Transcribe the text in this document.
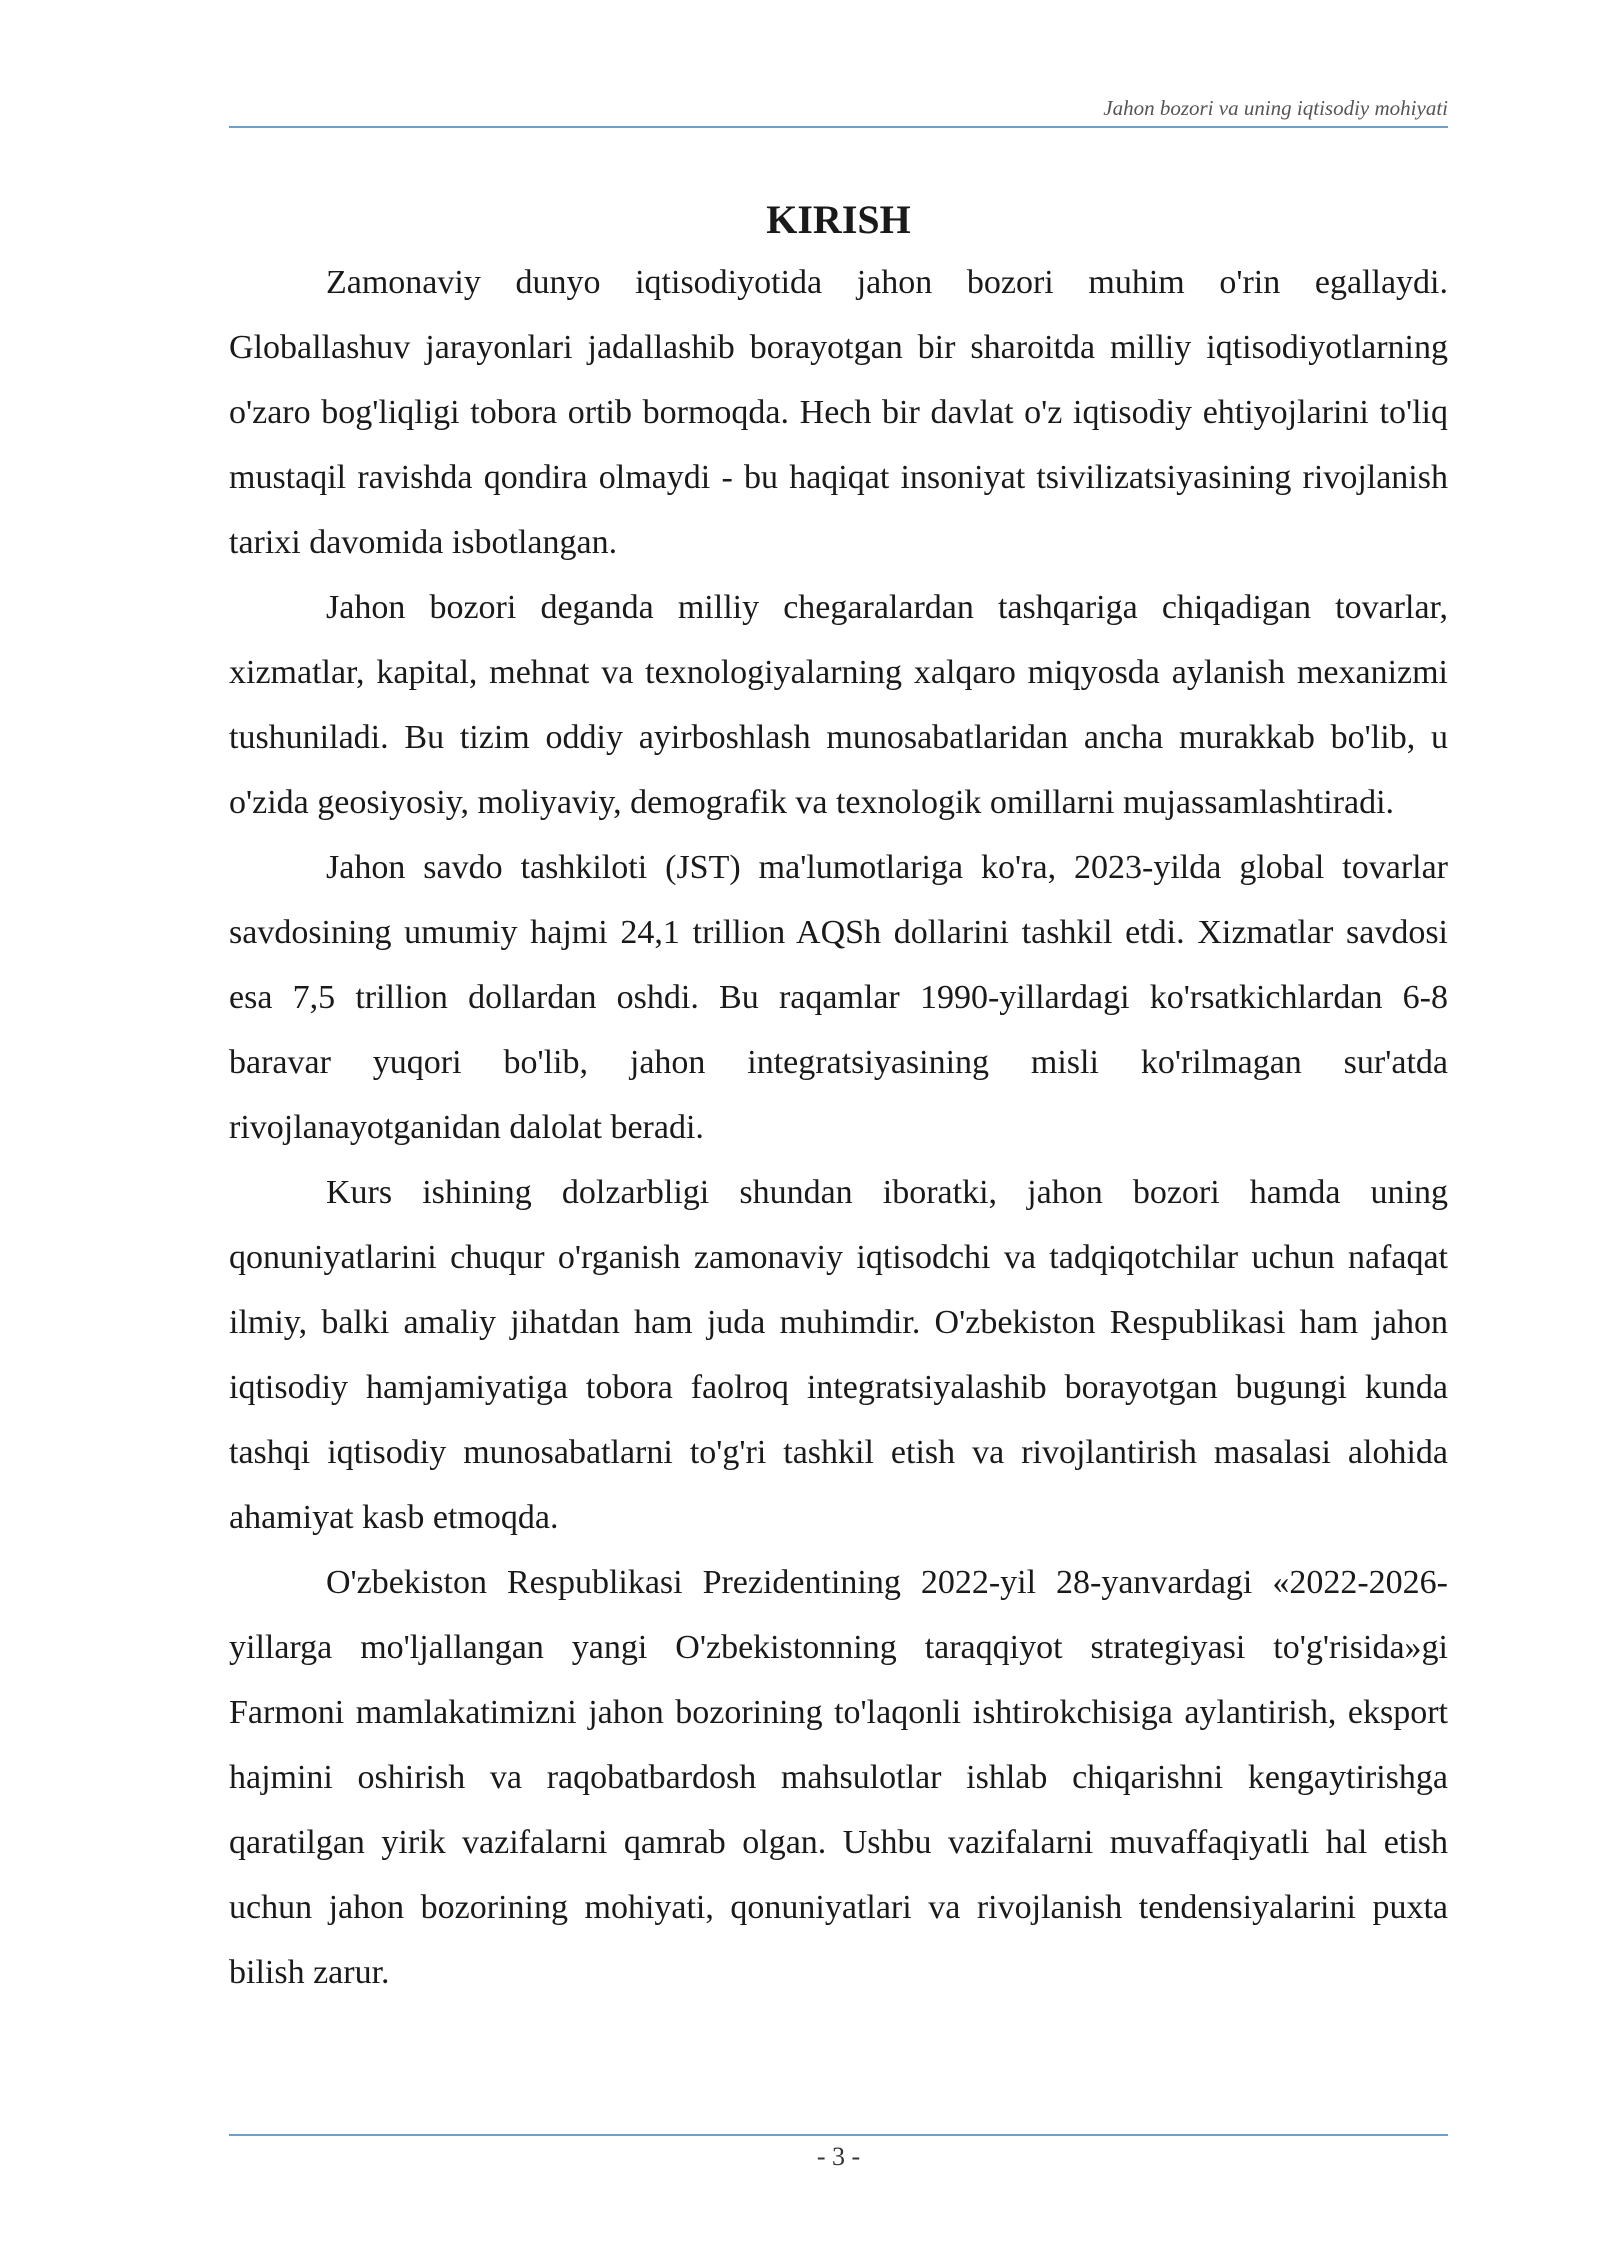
Jahon bozori va uning iqtisodiy mohiyati
KIRISH

Zamonaviy dunyo iqtisodiyotida jahon bozori muhim o'rin egallaydi. Globallashuv jarayonlari jadallashib borayotgan bir sharoitda milliy iqtisodiyotlarning o'zaro bog'liqligi tobora ortib bormoqda. Hech bir davlat o'z iqtisodiy ehtiyojlarini to'liq mustaqil ravishda qondira olmaydi - bu haqiqat insoniyat tsivilizatsiyasining rivojlanish tarixi davomida isbotlangan.

Jahon bozori deganda milliy chegaralardan tashqariga chiqadigan tovarlar, xizmatlar, kapital, mehnat va texnologiyalarning xalqaro miqyosda aylanish mexanizmi tushuniladi. Bu tizim oddiy ayirboshlash munosabatlaridan ancha murakkab bo'lib, u o'zida geosiyosiy, moliyaviy, demografik va texnologik omillarni mujassamlashtiradi.

Jahon savdo tashkiloti (JST) ma'lumotlariga ko'ra, 2023-yilda global tovarlar savdosining umumiy hajmi 24,1 trillion AQSh dollarini tashkil etdi. Xizmatlar savdosi esa 7,5 trillion dollardan oshdi. Bu raqamlar 1990-yillardagi ko'rsatkichlardan 6-8 baravar yuqori bo'lib, jahon integratsiyasining misli ko'rilmagan sur'atda rivojlanayotganidan dalolat beradi.

Kurs ishining dolzarbligi shundan iboratki, jahon bozori hamda uning qonuniyatlarini chuqur o'rganish zamonaviy iqtisodchi va tadqiqotchilar uchun nafaqat ilmiy, balki amaliy jihatdan ham juda muhimdir. O'zbekiston Respublikasi ham jahon iqtisodiy hamjamiyatiga tobora faolroq integratsiyalashib borayotgan bugungi kunda tashqi iqtisodiy munosabatlarni to'g'ri tashkil etish va rivojlantirish masalasi alohida ahamiyat kasb etmoqda.

O'zbekiston Respublikasi Prezidentining 2022-yil 28-yanvardagi «2022-2026-yillarga mo'ljallangan yangi O'zbekistonning taraqqiyot strategiyasi to'g'risida»gi Farmoni mamlakatimizni jahon bozorining to'laqonli ishtirokchisiga aylantirish, eksport hajmini oshirish va raqobatbardosh mahsulotlar ishlab chiqarishni kengaytirishga qaratilgan yirik vazifalarni qamrab olgan. Ushbu vazifalarni muvaffaqiyatli hal etish uchun jahon bozorining mohiyati, qonuniyatlari va rivojlanish tendensiyalarini puxta bilish zarur.

- 3 -
